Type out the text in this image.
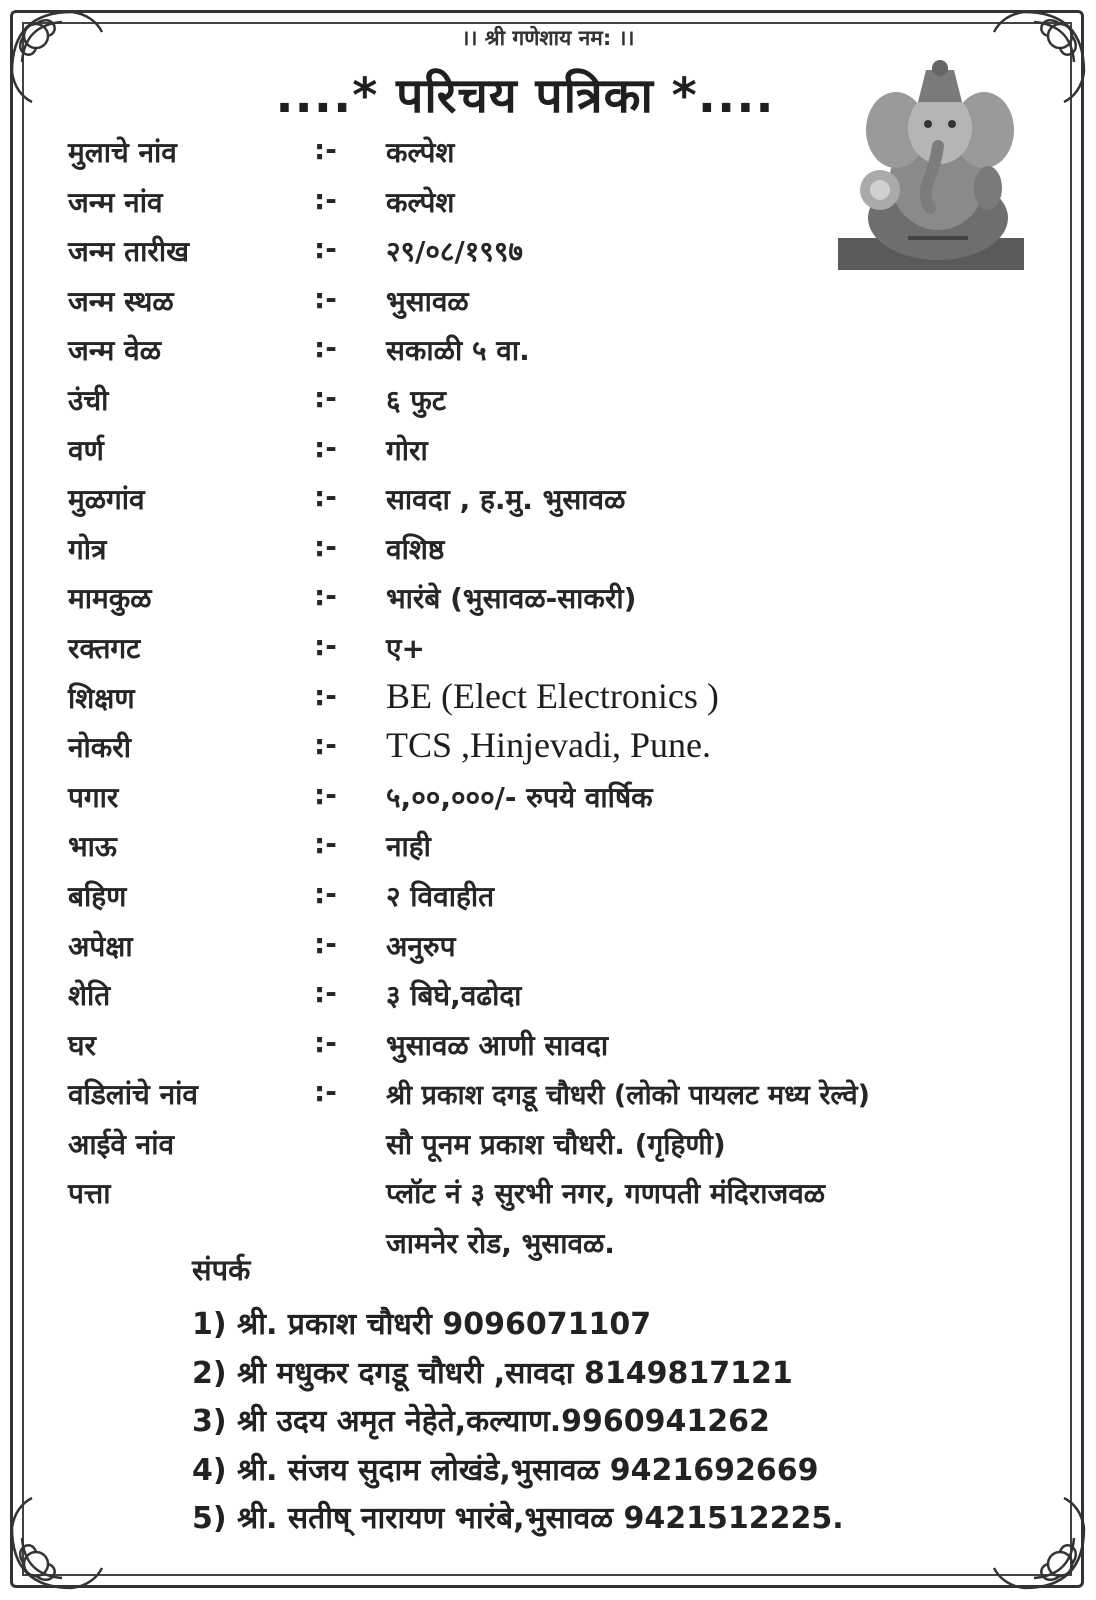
।। श्री गणेशाय नम: ।।
....* परिचय पत्रिका *....
मुलाचे नांव	:- कल्पेश
जन्म नांव	:- कल्पेश
जन्म तारीख	:- २९/०८/१९९७
जन्म स्थळ	:- भुसावळ
जन्म वेळ	:- सकाळी ५ वा.
उंची	:- ६ फुट
वर्ण	:- गोरा
मुळगांव	:- सावदा , ह.मु. भुसावळ
गोत्र	:- वशिष्ठ
मामकुळ	:- भारंबे (भुसावळ-साकरी)
रक्तगट	:- ए+
शिक्षण	:- BE (Elect Electronics )
नोकरी	:- TCS ,Hinjevadi, Pune.
पगार	:- ५,००,०००/- रुपये वार्षिक
भाऊ	:- नाही
बहिण	:- २ विवाहीत
अपेक्षा	:- अनुरुप
शेति	:- ३ बिघे,वढोदा
घर	:- भुसावळ आणी सावदा
वडिलांचे नांव	:- श्री प्रकाश दगडू चौधरी (लोको पायलट मध्य रेल्वे)
आईवे नांव	सौ पूनम प्रकाश चौधरी. (गृहिणी)
पत्ता	प्लॉट नं ३ सुरभी नगर, गणपती मंदिराजवळ
जामनेर रोड, भुसावळ.
संपर्क
1) श्री. प्रकाश चौधरी 9096071107
2) श्री मधुकर दगडू चौधरी ,सावदा 8149817121
3) श्री उदय अमृत नेहेते,कल्याण.9960941262
4) श्री. संजय सुदाम लोखंडे,भुसावळ 9421692669
5) श्री. सतीष् नारायण भारंबे,भुसावळ 9421512225.
